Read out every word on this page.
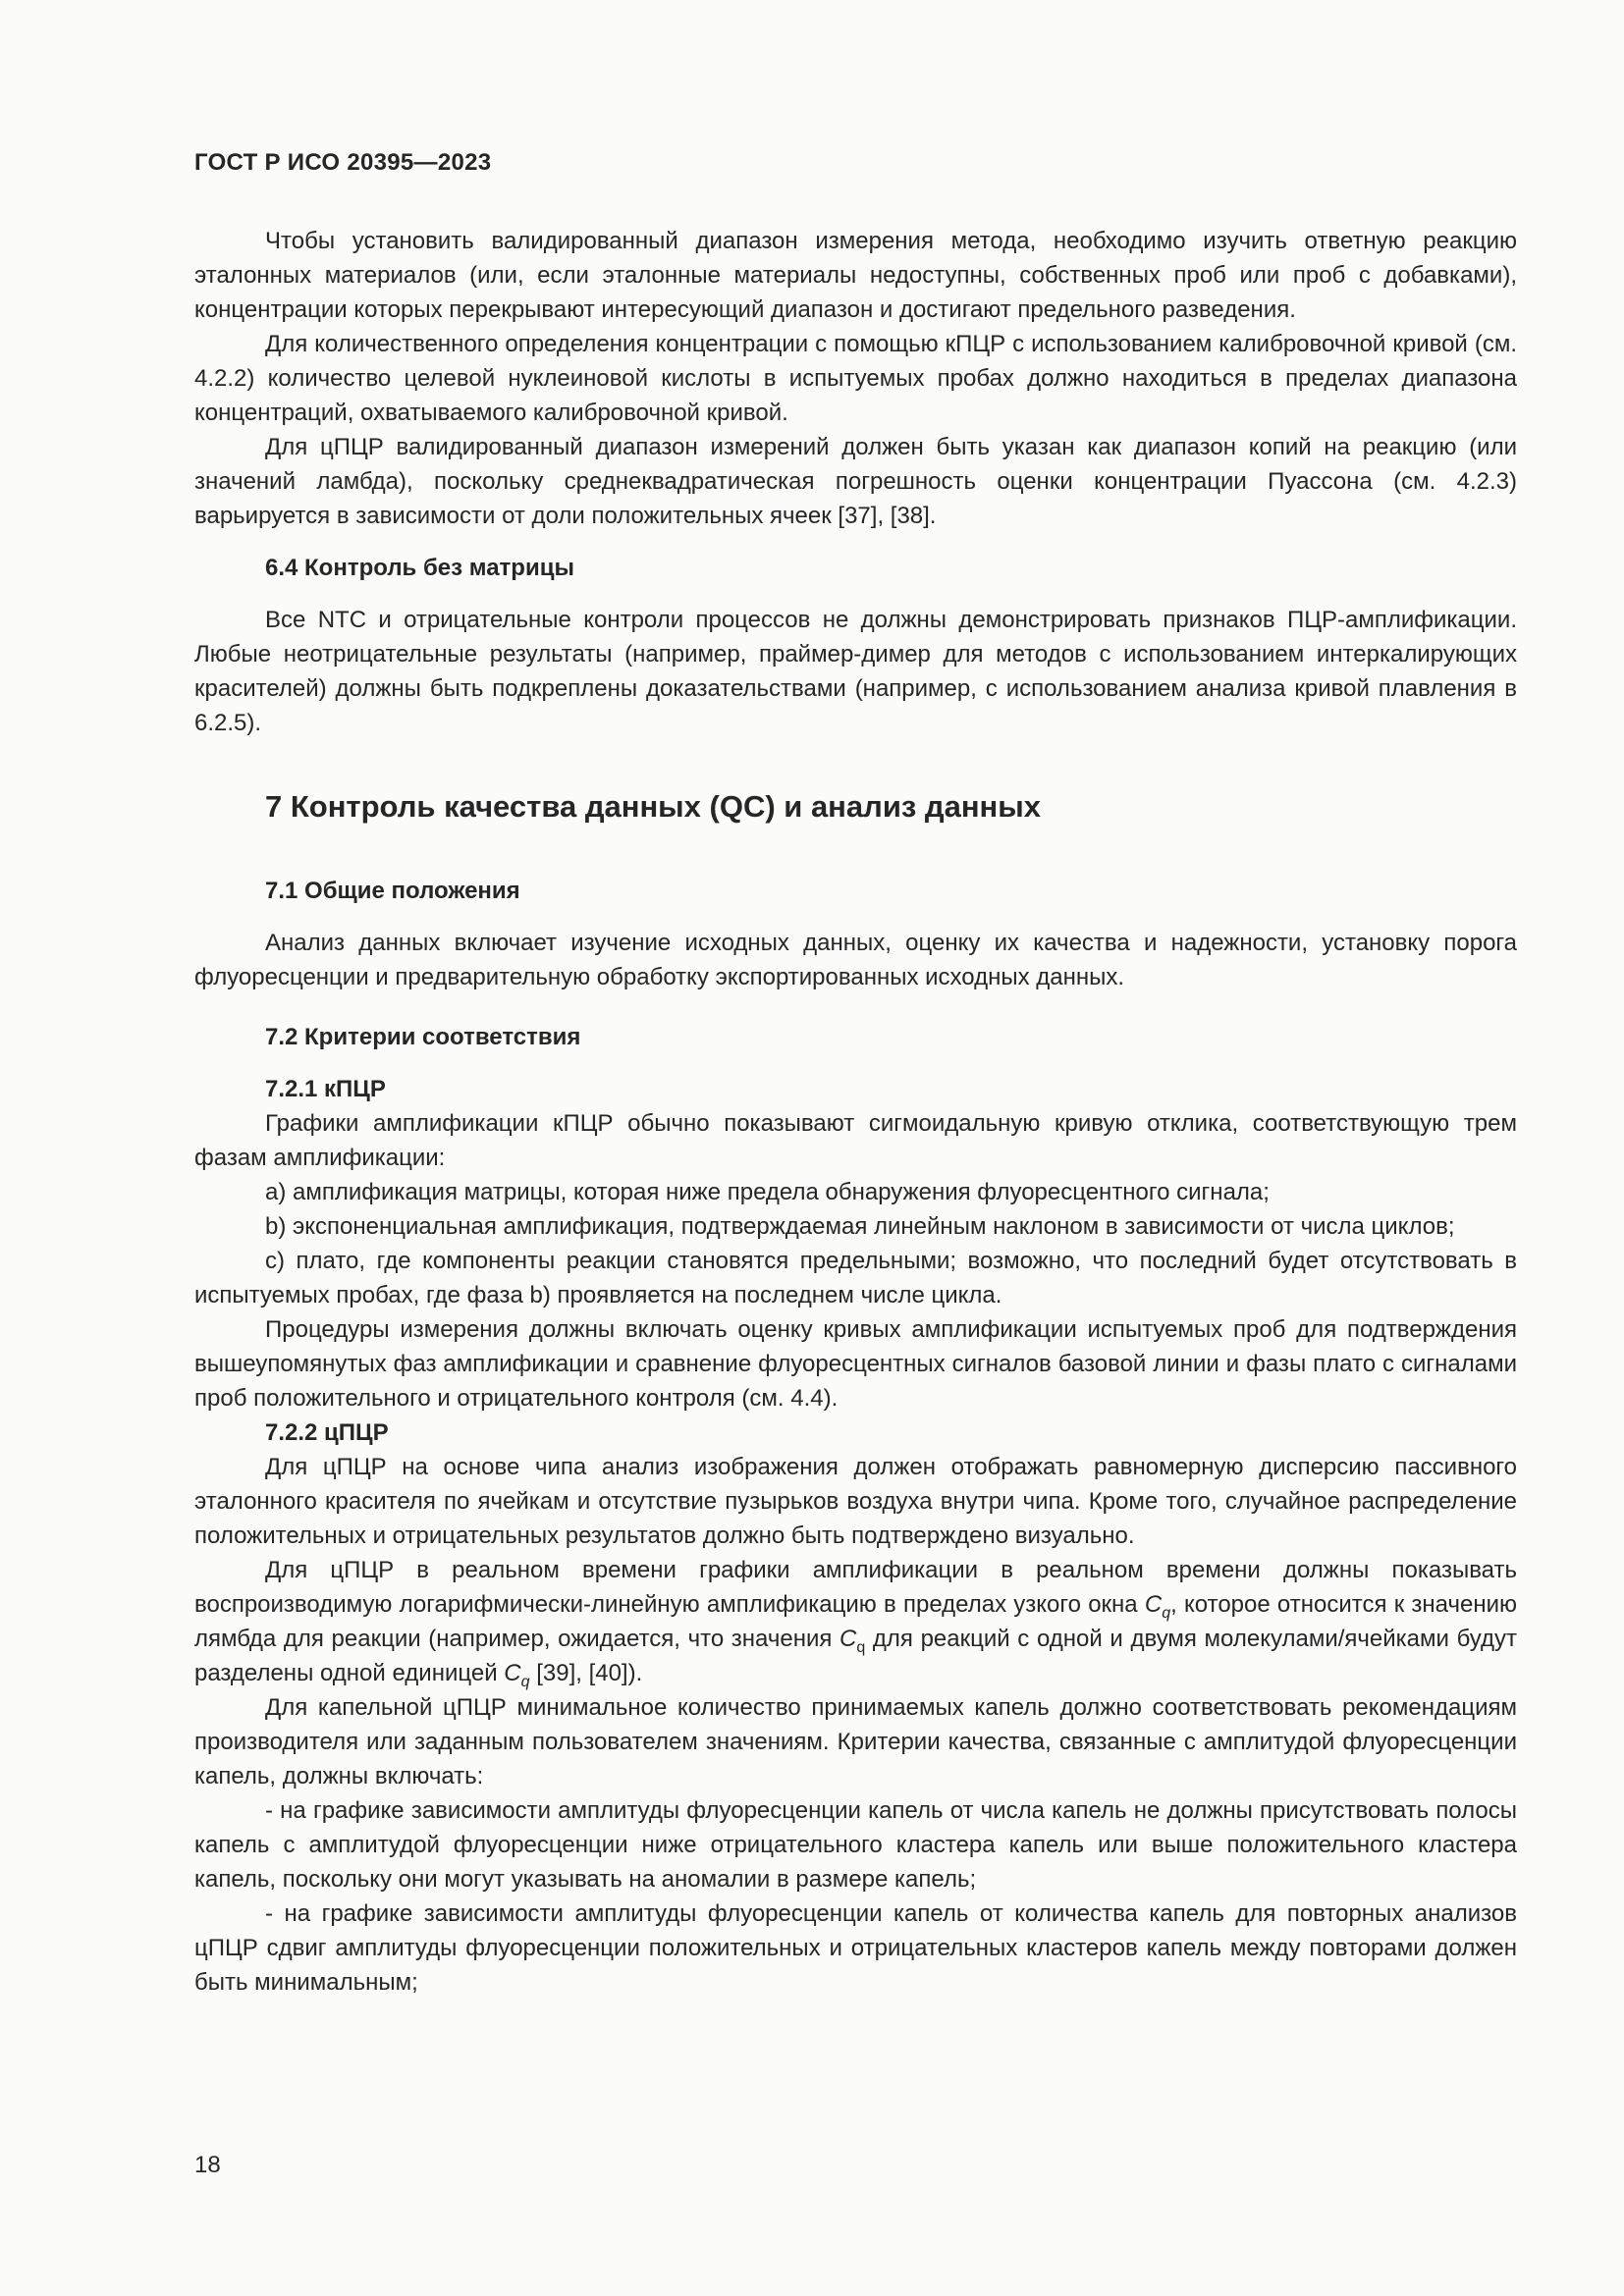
ГОСТ Р ИСО 20395—2023

Чтобы установить валидированный диапазон измерения метода, необходимо изучить ответную реакцию эталонных материалов (или, если эталонные материалы недоступны, собственных проб или проб с добавками), концентрации которых перекрывают интересующий диапазон и достигают предельного разведения.

Для количественного определения концентрации с помощью кПЦР с использованием калибровочной кривой (см. 4.2.2) количество целевой нуклеиновой кислоты в испытуемых пробах должно находиться в пределах диапазона концентраций, охватываемого калибровочной кривой.

Для цПЦР валидированный диапазон измерений должен быть указан как диапазон копий на реакцию (или значений ламбда), поскольку среднеквадратическая погрешность оценки концентрации Пуассона (см. 4.2.3) варьируется в зависимости от доли положительных ячеек [37], [38].

6.4 Контроль без матрицы

Все NTC и отрицательные контроли процессов не должны демонстрировать признаков ПЦР-амплификации. Любые неотрицательные результаты (например, праймер-димер для методов с использованием интеркалирующих красителей) должны быть подкреплены доказательствами (например, с использованием анализа кривой плавления в 6.2.5).

7 Контроль качества данных (QC) и анализ данных
7.1 Общие положения

Анализ данных включает изучение исходных данных, оценку их качества и надежности, установку порога флуоресценции и предварительную обработку экспортированных исходных данных.

7.2 Критерии соответствия
7.2.1 кПЦР

Графики амплификации кПЦР обычно показывают сигмоидальную кривую отклика, соответствующую трем фазам амплификации:

а) амплификация матрицы, которая ниже предела обнаружения флуоресцентного сигнала;

b) экспоненциальная амплификация, подтверждаемая линейным наклоном в зависимости от числа циклов;

с) плато, где компоненты реакции становятся предельными; возможно, что последний будет отсутствовать в испытуемых пробах, где фаза b) проявляется на последнем числе цикла.

Процедуры измерения должны включать оценку кривых амплификации испытуемых проб для подтверждения вышеупомянутых фаз амплификации и сравнение флуоресцентных сигналов базовой линии и фазы плато с сигналами проб положительного и отрицательного контроля (см. 4.4).

7.2.2 цПЦР

Для цПЦР на основе чипа анализ изображения должен отображать равномерную дисперсию пассивного эталонного красителя по ячейкам и отсутствие пузырьков воздуха внутри чипа. Кроме того, случайное распределение положительных и отрицательных результатов должно быть подтверждено визуально.

Для цПЦР в реальном времени графики амплификации в реальном времени должны показывать воспроизводимую логарифмически-линейную амплификацию в пределах узкого окна $C_q$, которое относится к значению лямбда для реакции (например, ожидается, что значения $C_q$ для реакций с одной и двумя молекулами/ячейками будут разделены одной единицей $C_q$ [39], [40]).

Для капельной цПЦР минимальное количество принимаемых капель должно соответствовать рекомендациям производителя или заданным пользователем значениям. Критерии качества, связанные с амплитудой флуоресценции капель, должны включать:

- на графике зависимости амплитуды флуоресценции капель от числа капель не должны присутствовать полосы капель с амплитудой флуоресценции ниже отрицательного кластера капель или выше положительного кластера капель, поскольку они могут указывать на аномалии в размере капель;

- на графике зависимости амплитуды флуоресценции капель от количества капель для повторных анализов цПЦР сдвиг амплитуды флуоресценции положительных и отрицательных кластеров капель между повторами должен быть минимальным;

18
